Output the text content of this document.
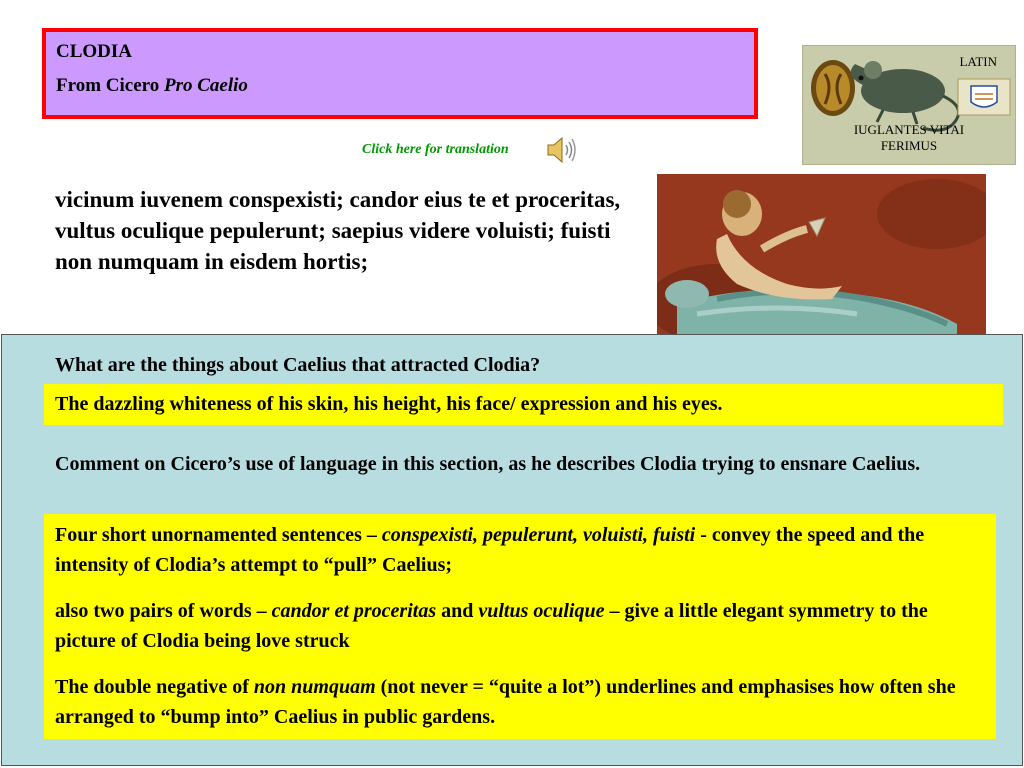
CLODIA
From Cicero Pro Caelio
LATIN
IUGLANTES VITAI
FERIMUS
Click here for translation
vicinum iuvenem conspexisti; candor eius te et proceritas, vultus oculique pepulerunt; saepius videre voluisti; fuisti non numquam in eisdem hortis;
What are the things about Caelius that attracted Clodia?
The dazzling whiteness of his skin, his height, his face/ expression and his eyes.
Comment on Cicero’s use of language in this section, as he describes Clodia trying to ensnare Caelius.

Four short unornamented sentences – conspexisti, pepulerunt, voluisti, fuisti - convey the speed and the intensity of Clodia’s attempt to “pull” Caelius;

also two pairs of words – candor et proceritas and vultus oculique – give a little elegant symmetry to the picture of Clodia being love struck

The double negative of non numquam (not never = “quite a lot”) underlines and emphasises how often she arranged to “bump into” Caelius in public gardens.
